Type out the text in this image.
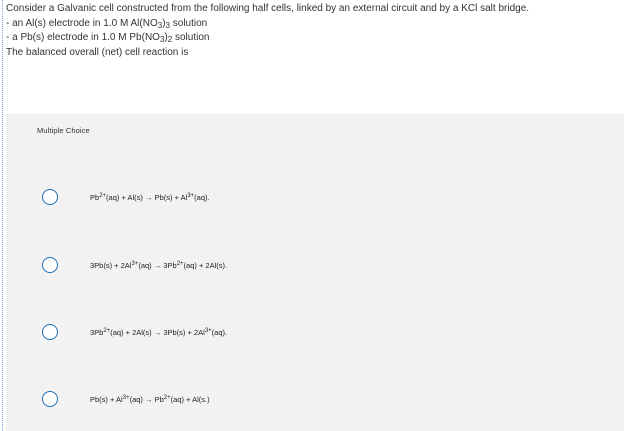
Consider a Galvanic cell constructed from the following half cells, linked by an external circuit and by a KCl salt bridge.
- an Al(s) electrode in 1.0 M $Al(NO_3)_3$ solution
- a Pb(s) electrode in 1.0 M $Pb(NO_3)_2$ solution
The balanced overall (net) cell reaction is
Multiple Choice
$Pb^{2+}(aq) + Al(s) \to Pb(s) + Al^{3+}(aq)$.
$3Pb(s) + 2Al^{3+}(aq) \to 3Pb^{2+}(aq) + 2Al(s)$.
$3Pb^{2+}(aq) + 2Al(s) \to 3Pb(s) + 2Al^{3+}(aq)$.
$Pb(s) + Al^{3+}(aq) \to Pb^{2+}(aq) + Al(s.)$
